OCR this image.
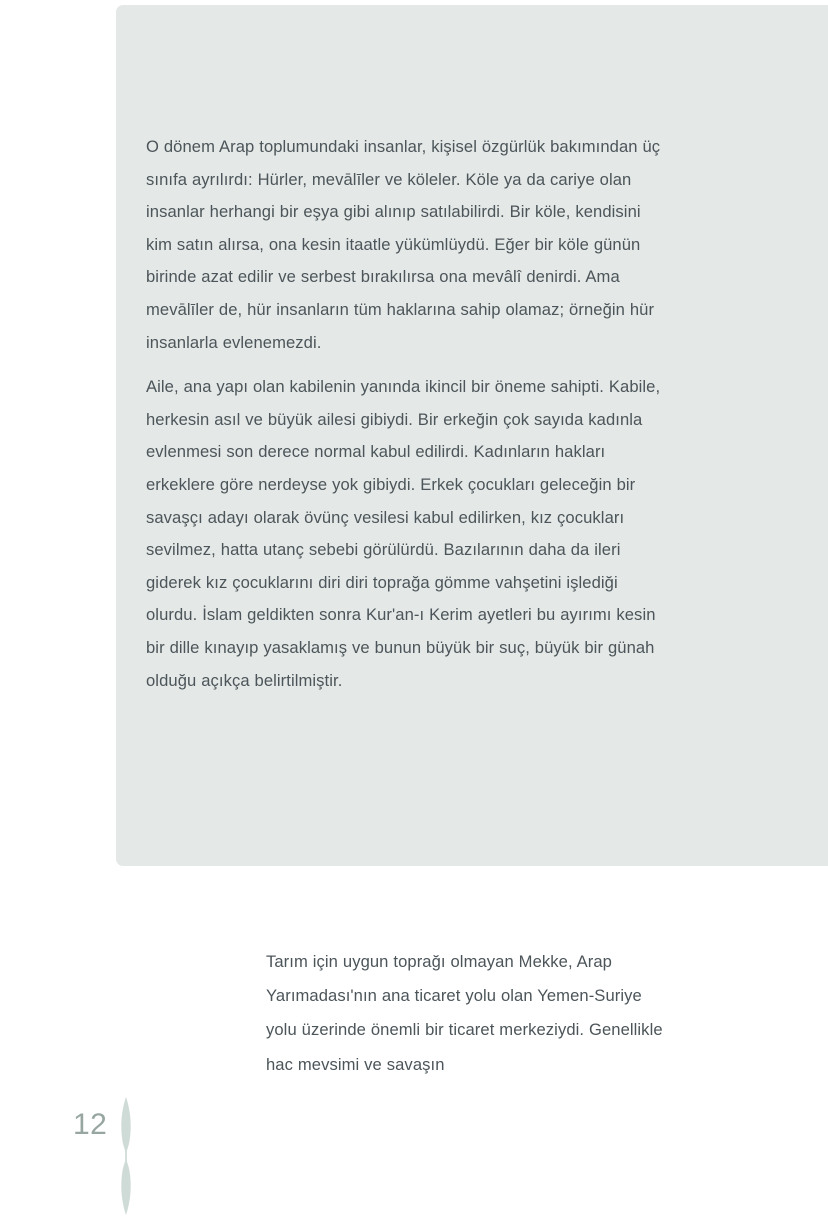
O dönem Arap toplumundaki insanlar, kişisel özgürlük bakımından üç sınıfa ayrılırdı: Hürler, mevālīler ve köleler. Köle ya da cariye olan insanlar herhangi bir eşya gibi alınıp satılabilirdi. Bir köle, kendisini kim satın alırsa, ona kesin itaatle yükümlüydü. Eğer bir köle günün birinde azat edilir ve serbest bırakılırsa ona mevâlî denirdi. Ama mevālīler de, hür insanların tüm haklarına sahip olamaz; örneğin hür insanlarla evlenemezdi.

Aile, ana yapı olan kabilenin yanında ikincil bir öneme sahipti. Kabile, herkesin asıl ve büyük ailesi gibiydi. Bir erkeğin çok sayıda kadınla evlenmesi son derece normal kabul edilirdi. Kadınların hakları erkeklere göre nerdeyse yok gibiydi. Erkek çocukları geleceğin bir savaşçı adayı olarak övünç vesilesi kabul edilirken, kız çocukları sevilmez, hatta utanç sebebi görülürdü. Bazılarının daha da ileri giderek kız çocuklarını diri diri toprağa gömme vahşetini işlediği olurdu. İslam geldikten sonra Kur'an-ı Kerim ayetleri bu ayırımı kesin bir dille kınayıp yasaklamış ve bunun büyük bir suç, büyük bir günah olduğu açıkça belirtilmiştir.

Tarım için uygun toprağı olmayan Mekke, Arap Yarımadası'nın ana ticaret yolu olan Yemen-Suriye yolu üzerinde önemli bir ticaret merkeziydi. Genellikle hac mevsimi ve savaşın

12
